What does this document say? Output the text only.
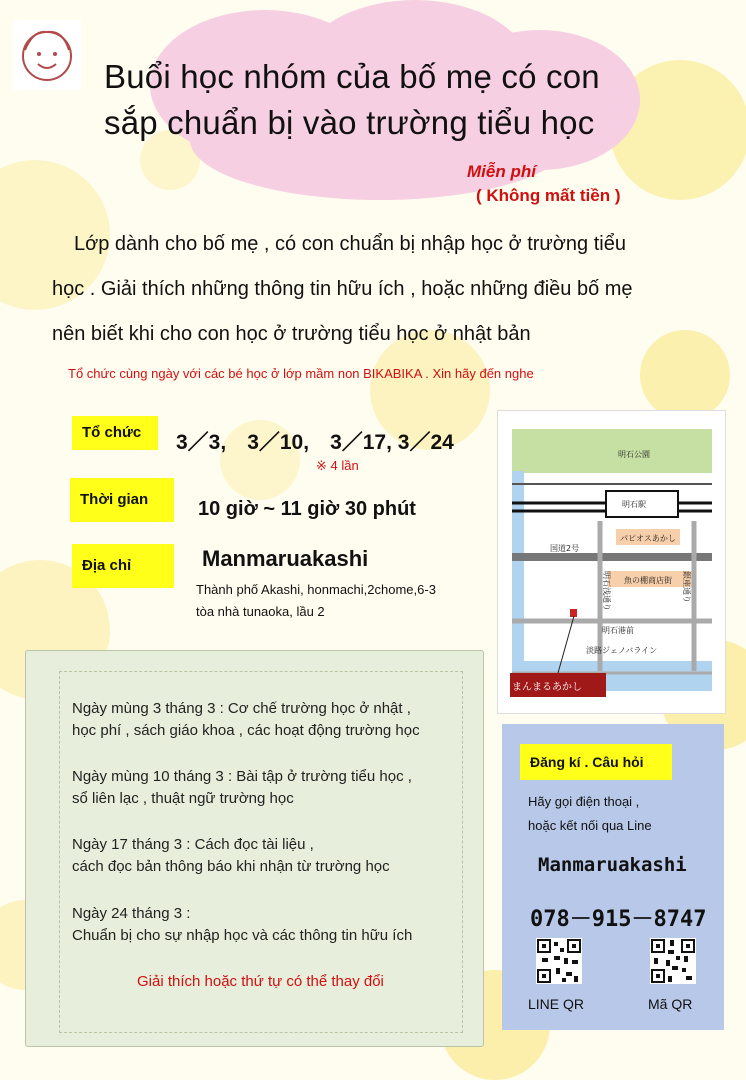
Buổi học nhóm của bố mẹ có con
sắp chuẩn bị vào trường tiểu học
Miễn phí
( Không mất tiền )
Lớp dành cho bố mẹ , có con chuẩn bị nhập học ở trường tiểu
học . Giải thích những thông tin hữu ích , hoặc những điều bố mẹ
nên biết khi cho con học ở trường tiểu học ở nhật bản
Tổ chức cùng ngày với các bé học ở lớp mầm non BIKABIKA . Xin hãy đến nghe
Tổ chức	3／3,　3／10,　3／17, 3／24
※ 4 lần
Thời gian	10 giờ ~ 11 giờ 30 phút
Địa chỉ	Manmaruakashi
Thành phố Akashi, honmachi,2chome,6-3
tòa nhà tunaoka, lầu 2
明石公園
明石駅
パピオスあかし
国道2号
魚の棚商店街
明石港前
淡路ジェノバライン
まんまるあかし
明石浅通り	銀座通り
Ngày mùng 3 tháng 3 : Cơ chế trường học ở nhật ,
học phí , sách giáo khoa , các hoạt động trường học
Ngày mùng 10 tháng 3 : Bài tập ở trường tiểu học ,
sổ liên lạc , thuật ngữ trường học
Ngày 17 tháng 3 : Cách đọc tài liệu ,
cách đọc bản thông báo khi nhận từ trường học
Ngày 24 tháng 3 :
Chuẩn bị cho sự nhập học và các thông tin hữu ích
Giải thích hoặc thứ tự có thể thay đổi
Đăng kí . Câu hỏi
Hãy gọi điện thoại ,
hoặc kết nối qua Line
Manmaruakashi
078－915－8747
LINE QR	Mã QR
